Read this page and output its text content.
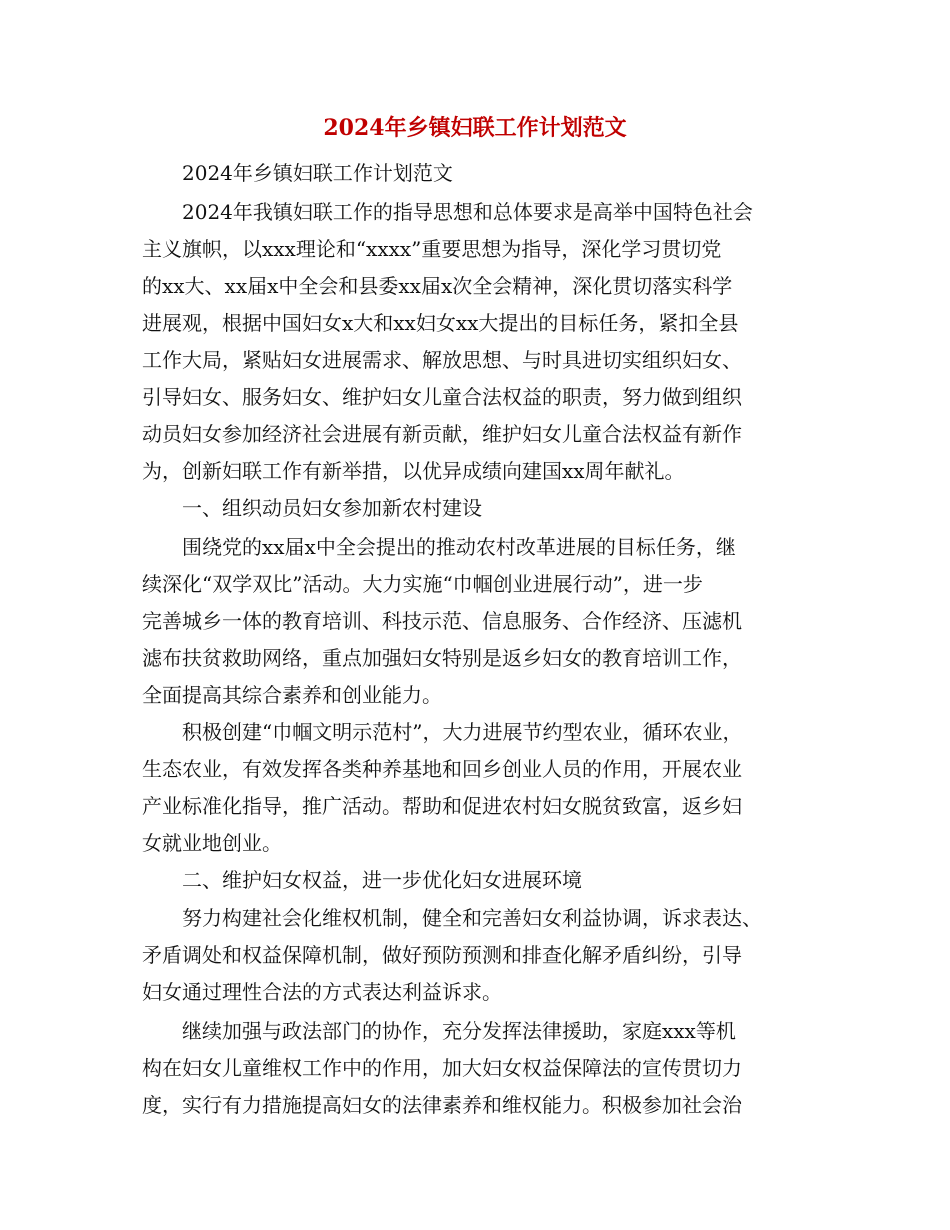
2024年乡镇妇联工作计划范文
　　2024年乡镇妇联工作计划范文
　　2024年我镇妇联工作的指导思想和总体要求是高举中国特色社会
主义旗帜，以xxx理论和“xxxx”重要思想为指导，深化学习贯切党
的xx大、xx届x中全会和县委xx届x次全会精神，深化贯切落实科学
进展观，根据中国妇女x大和xx妇女xx大提出的目标任务，紧扣全县
工作大局，紧贴妇女进展需求、解放思想、与时具进切实组织妇女、
引导妇女、服务妇女、维护妇女儿童合法权益的职责，努力做到组织
动员妇女参加经济社会进展有新贡献，维护妇女儿童合法权益有新作
为，创新妇联工作有新举措，以优异成绩向建国xx周年献礼。
　　一、组织动员妇女参加新农村建设
　　围绕党的xx届x中全会提出的推动农村改革进展的目标任务，继
续深化“双学双比”活动。大力实施“巾帼创业进展行动”，进一步
完善城乡一体的教育培训、科技示范、信息服务、合作经济、压滤机
滤布扶贫救助网络，重点加强妇女特别是返乡妇女的教育培训工作，
全面提高其综合素养和创业能力。
　　积极创建“巾帼文明示范村”，大力进展节约型农业，循环农业，
生态农业，有效发挥各类种养基地和回乡创业人员的作用，开展农业
产业标准化指导，推广活动。帮助和促进农村妇女脱贫致富，返乡妇
女就业地创业。
　　二、维护妇女权益，进一步优化妇女进展环境
　　努力构建社会化维权机制，健全和完善妇女利益协调，诉求表达、
矛盾调处和权益保障机制，做好预防预测和排查化解矛盾纠纷，引导
妇女通过理性合法的方式表达利益诉求。
　　继续加强与政法部门的协作，充分发挥法律援助，家庭xxx等机
构在妇女儿童维权工作中的作用，加大妇女权益保障法的宣传贯切力
度，实行有力措施提高妇女的法律素养和维权能力。积极参加社会治
